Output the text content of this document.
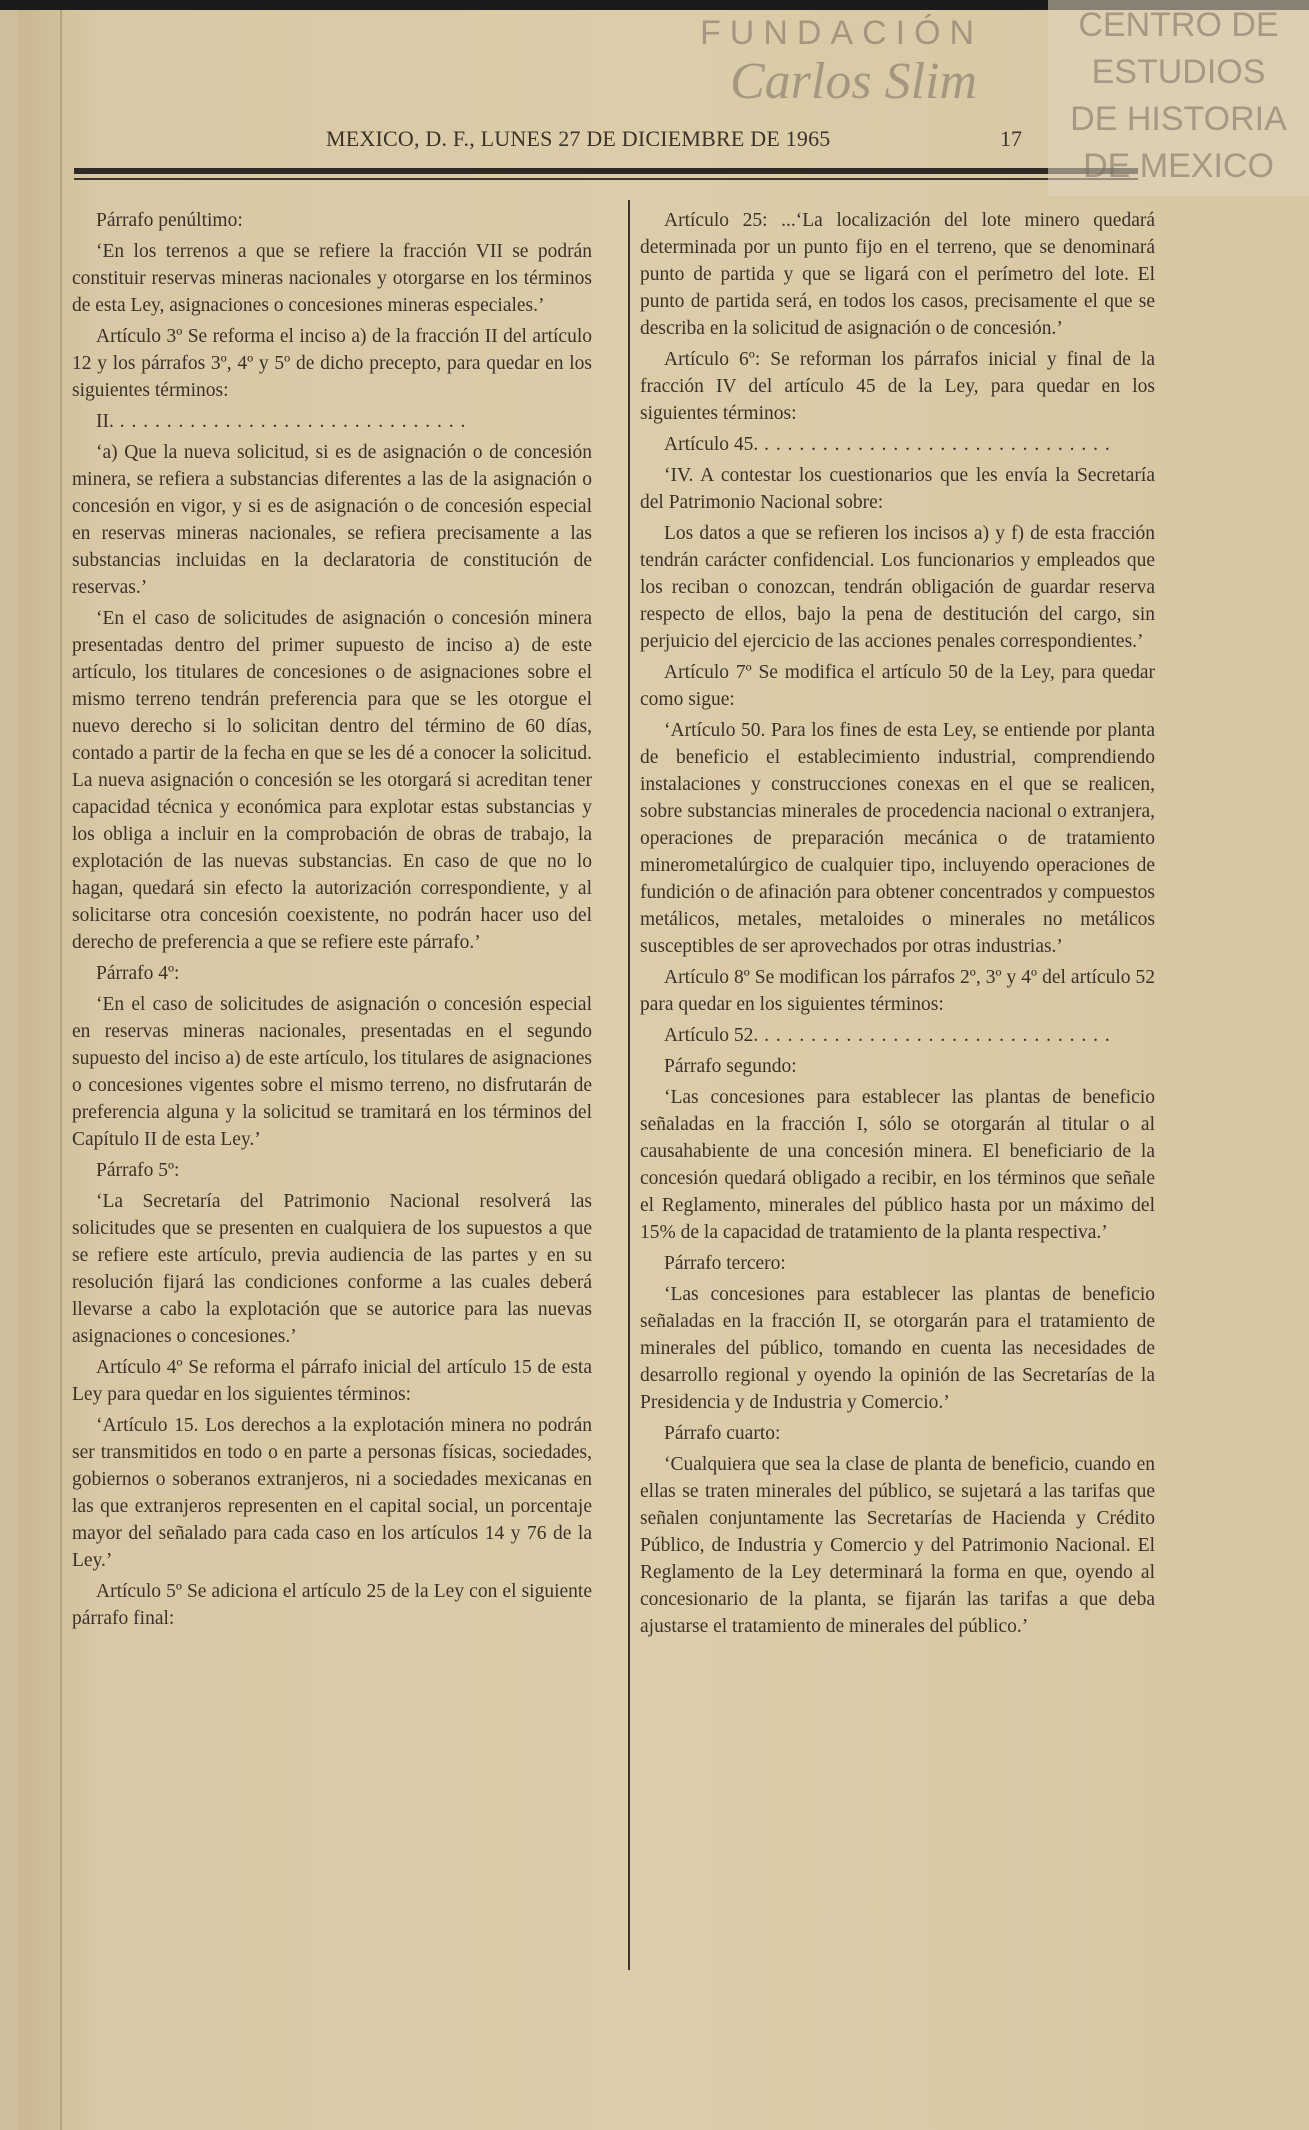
MEXICO, D. F., LUNES 27 DE DICIEMBRE DE 1965	17

Párrafo penúltimo:

‘En los terrenos a que se refiere la fracción VII se podrán constituir reservas mineras nacionales y otorgarse en los términos de esta Ley, asignaciones o concesiones mineras especiales.’

Artículo 3º Se reforma el inciso a) de la fracción II del artículo 12 y los párrafos 3º, 4º y 5º de dicho precepto, para quedar en los siguientes términos:

II. . . .

‘a) Que la nueva solicitud, si es de asignación o de concesión minera, se refiera a substancias diferentes a las de la asignación o concesión en vigor, y si es de asignación o de concesión especial en reservas mineras nacionales, se refiera precisamente a las substancias incluidas en la declaratoria de constitución de reservas.’

‘En el caso de solicitudes de asignación o concesión minera presentadas dentro del primer supuesto de inciso a) de este artículo, los titulares de concesiones o de asignaciones sobre el mismo terreno tendrán preferencia para que se les otorgue el nuevo derecho si lo solicitan dentro del término de 60 días, contado a partir de la fecha en que se les dé a conocer la solicitud. La nueva asignación o concesión se les otorgará si acreditan tener capacidad técnica y económica para explotar estas substancias y los obliga a incluir en la comprobación de obras de trabajo, la explotación de las nuevas substancias. En caso de que no lo hagan, quedará sin efecto la autorización correspondiente, y al solicitarse otra concesión coexistente, no podrán hacer uso del derecho de preferencia a que se refiere este párrafo.’

Párrafo 4º:

‘En el caso de solicitudes de asignación o concesión especial en reservas mineras nacionales, presentadas en el segundo supuesto del inciso a) de este artículo, los titulares de asignaciones o concesiones vigentes sobre el mismo terreno, no disfrutarán de preferencia alguna y la solicitud se tramitará en los términos del Capítulo II de esta Ley.’

Párrafo 5º:

‘La Secretaría del Patrimonio Nacional resolverá las solicitudes que se presenten en cualquiera de los supuestos a que se refiere este artículo, previa audiencia de las partes y en su resolución fijará las condiciones conforme a las cuales deberá llevarse a cabo la explotación que se autorice para las nuevas asignaciones o concesiones.’

Artículo 4º Se reforma el párrafo inicial del artículo 15 de esta Ley para quedar en los siguientes términos:

‘Artículo 15. Los derechos a la explotación minera no podrán ser transmitidos en todo o en parte a personas físicas, sociedades, gobiernos o soberanos extranjeros, ni a sociedades mexicanas en las que extranjeros representen en el capital social, un porcentaje mayor del señalado para cada caso en los artículos 14 y 76 de la Ley.’

Artículo 5º Se adiciona el artículo 25 de la Ley con el siguiente párrafo final:

Artículo 25: ...‘La localización del lote minero quedará determinada por un punto fijo en el terreno, que se denominará punto de partida y que se ligará con el perímetro del lote. El punto de partida será, en todos los casos, precisamente el que se describa en la solicitud de asignación o de concesión.’

Artículo 6º: Se reforman los párrafos inicial y final de la fracción IV del artículo 45 de la Ley, para quedar en los siguientes términos:

Artículo 45. . . .

‘IV. A contestar los cuestionarios que les envía la Secretaría del Patrimonio Nacional sobre:

Los datos a que se refieren los incisos a) y f) de esta fracción tendrán carácter confidencial. Los funcionarios y empleados que los reciban o conozcan, tendrán obligación de guardar reserva respecto de ellos, bajo la pena de destitución del cargo, sin perjuicio del ejercicio de las acciones penales correspondientes.’

Artículo 7º Se modifica el artículo 50 de la Ley, para quedar como sigue:

‘Artículo 50. Para los fines de esta Ley, se entiende por planta de beneficio el establecimiento industrial, comprendiendo instalaciones y construcciones conexas en el que se realicen, sobre substancias minerales de procedencia nacional o extranjera, operaciones de preparación mecánica o de tratamiento minerometalúrgico de cualquier tipo, incluyendo operaciones de fundición o de afinación para obtener concentrados y compuestos metálicos, metales, metaloides o minerales no metálicos susceptibles de ser aprovechados por otras industrias.’

Artículo 8º Se modifican los párrafos 2º, 3º y 4º del artículo 52 para quedar en los siguientes términos:

Artículo 52. . . .

Párrafo segundo:

‘Las concesiones para establecer las plantas de beneficio señaladas en la fracción I, sólo se otorgarán al titular o al causahabiente de una concesión minera. El beneficiario de la concesión quedará obligado a recibir, en los términos que señale el Reglamento, minerales del público hasta por un máximo del 15% de la capacidad de tratamiento de la planta respectiva.’

Párrafo tercero:

‘Las concesiones para establecer las plantas de beneficio señaladas en la fracción II, se otorgarán para el tratamiento de minerales del público, tomando en cuenta las necesidades de desarrollo regional y oyendo la opinión de las Secretarías de la Presidencia y de Industria y Comercio.’

Párrafo cuarto:

‘Cualquiera que sea la clase de planta de beneficio, cuando en ellas se traten minerales del público, se sujetará a las tarifas que señalen conjuntamente las Secretarías de Hacienda y Crédito Público, de Industria y Comercio y del Patrimonio Nacional. El Reglamento de la Ley determinará la forma en que, oyendo al concesionario de la planta, se fijarán las tarifas a que deba ajustarse el tratamiento de minerales del público.’

CENTRO DE
ESTUDIOS
DE HISTORIA
DE MEXICO
FUNDACIÓN
Carlos Slim
